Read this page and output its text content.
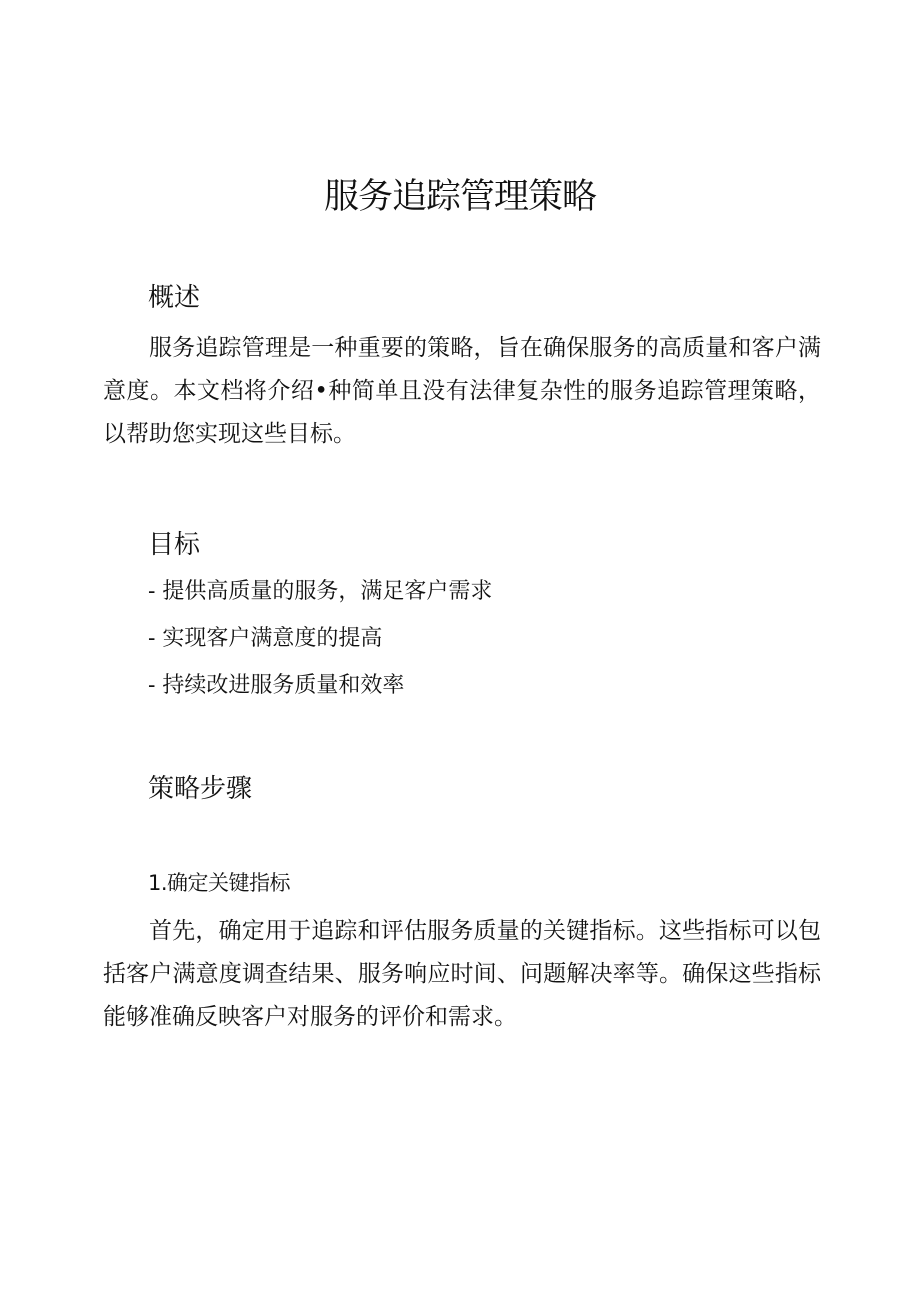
服务追踪管理策略
概述

服务追踪管理是一种重要的策略，旨在确保服务的高质量和客户满意度。本文档将介绍•种简单且没有法律复杂性的服务追踪管理策略，以帮助您实现这些目标。

目标
- 提供高质量的服务，满足客户需求
- 实现客户满意度的提高
- 持续改进服务质量和效率
策略步骤
1.确定关键指标

首先，确定用于追踪和评估服务质量的关键指标。这些指标可以包括客户满意度调查结果、服务响应时间、问题解决率等。确保这些指标能够准确反映客户对服务的评价和需求。
